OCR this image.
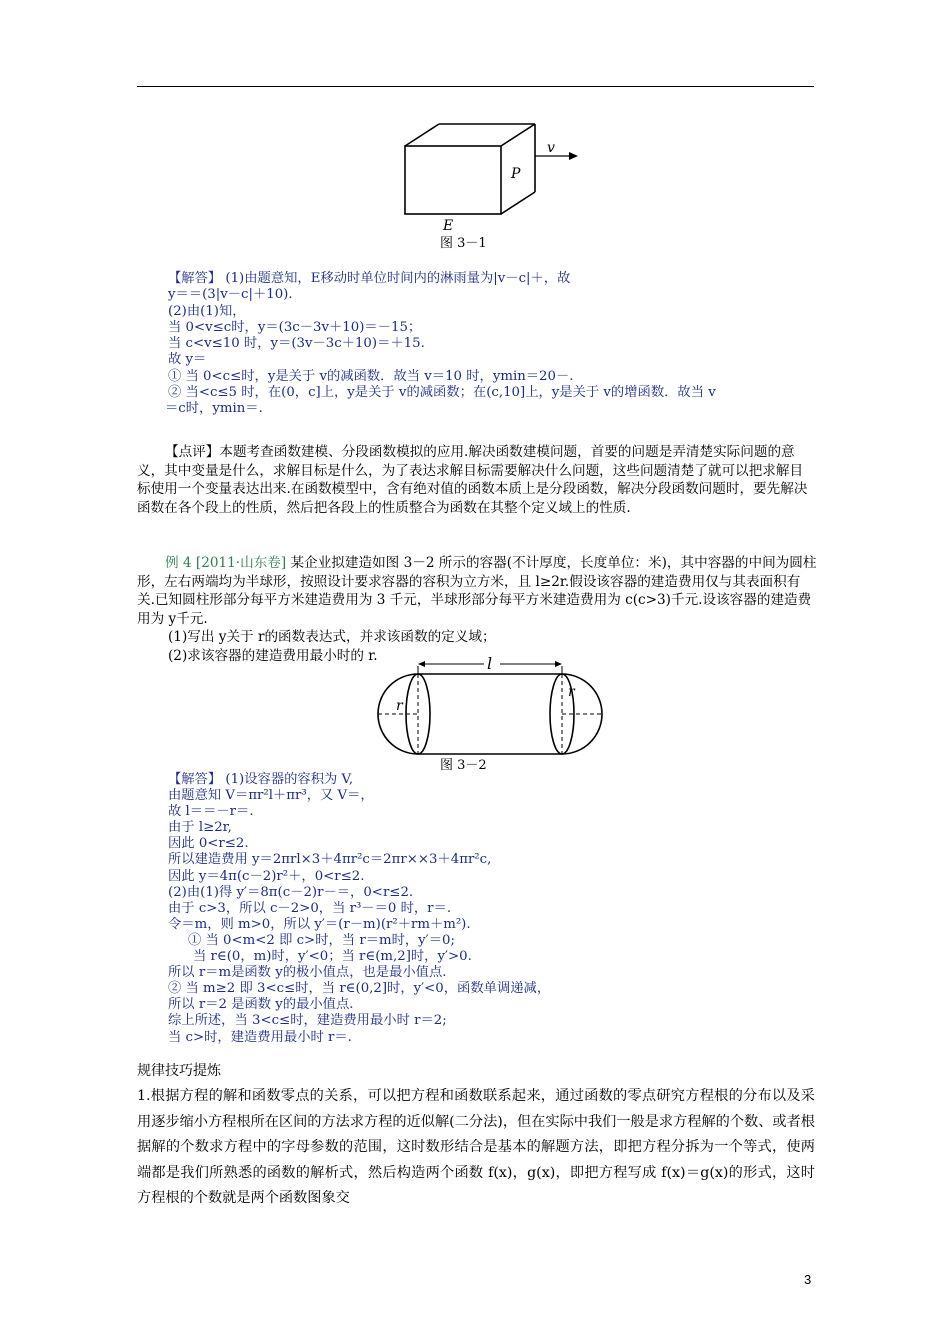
v
P
E
图 3－1
【解答】 (1)由题意知，E移动时单位时间内的淋雨量为|v－c|＋，故
y＝＝(3|v－c|＋10).
(2)由(1)知，
当 0<v≤c时，y＝(3c－3v＋10)＝－15；
当 c<v≤10 时，y＝(3v－3c＋10)＝＋15.
故 y＝
① 当 0<c≤时，y是关于 v的减函数．故当 v＝10 时，ymin＝20－.
② 当<c≤5 时，在(0，c]上，y是关于 v的减函数；在(c,10]上，y是关于 v的增函数．故当 v
＝c时，ymin＝.
【点评】本题考查函数建模、分段函数模拟的应用.解决函数建模问题，首要的问题是弄清楚实际问题的意义，其中变量是什么，求解目标是什么，为了表达求解目标需要解决什么问题，这些问题清楚了就可以把求解目标使用一个变量表达出来.在函数模型中，含有绝对值的函数本质上是分段函数，解决分段函数问题时，要先解决函数在各个段上的性质，然后把各段上的性质整合为函数在其整个定义域上的性质.
例 4 [2011·山东卷] 某企业拟建造如图 3－2 所示的容器(不计厚度，长度单位：米)，其中容器的中间为圆柱形，左右两端均为半球形，按照设计要求容器的容积为立方米，且 l≥2r.假设该容器的建造费用仅与其表面积有关.已知圆柱形部分每平方米建造费用为 3 千元，半球形部分每平方米建造费用为 c(c>3)千元.设该容器的建造费用为 y千元.
(1)写出 y关于 r的函数表达式，并求该函数的定义域；
(2)求该容器的建造费用最小时的 r.	l
r
r
图 3－2
【解答】 (1)设容器的容积为 V,
由题意知 V＝πr²l＋πr³，又 V＝，
故 l＝＝－r＝.
由于 l≥2r,
因此 0<r≤2.
所以建造费用 y＝2πrl×3＋4πr²c＝2πr××3＋4πr²c,
因此 y＝4π(c－2)r²＋，0<r≤2.
(2)由(1)得 y′＝8π(c－2)r－＝，0<r≤2.
由于 c>3，所以 c－2>0，当 r³－＝0 时，r＝.
令＝m，则 m>0，所以 y′＝(r－m)(r²＋rm＋m²).
① 当 0<m<2 即 c>时，当 r＝m时，y′＝0;
当 r∈(0，m)时，y′<0；当 r∈(m,2]时，y′>0.
所以 r＝m是函数 y的极小值点，也是最小值点.
② 当 m≥2 即 3<c≤时，当 r∈(0,2]时，y′<0，函数单调递减，
所以 r＝2 是函数 y的最小值点.
综上所述，当 3<c≤时，建造费用最小时 r＝2;
当 c>时，建造费用最小时 r＝.
规律技巧提炼
1.根据方程的解和函数零点的关系，可以把方程和函数联系起来，通过函数的零点研究方程根的分布以及采用逐步缩小方程根所在区间的方法求方程的近似解(二分法)，但在实际中我们一般是求方程解的个数、或者根据解的个数求方程中的字母参数的范围，这时数形结合是基本的解题方法，即把方程分拆为一个等式，使两端都是我们所熟悉的函数的解析式，然后构造两个函数 f(x)，g(x)，即把方程写成 f(x)＝g(x)的形式，这时方程根的个数就是两个函数图象交
3
